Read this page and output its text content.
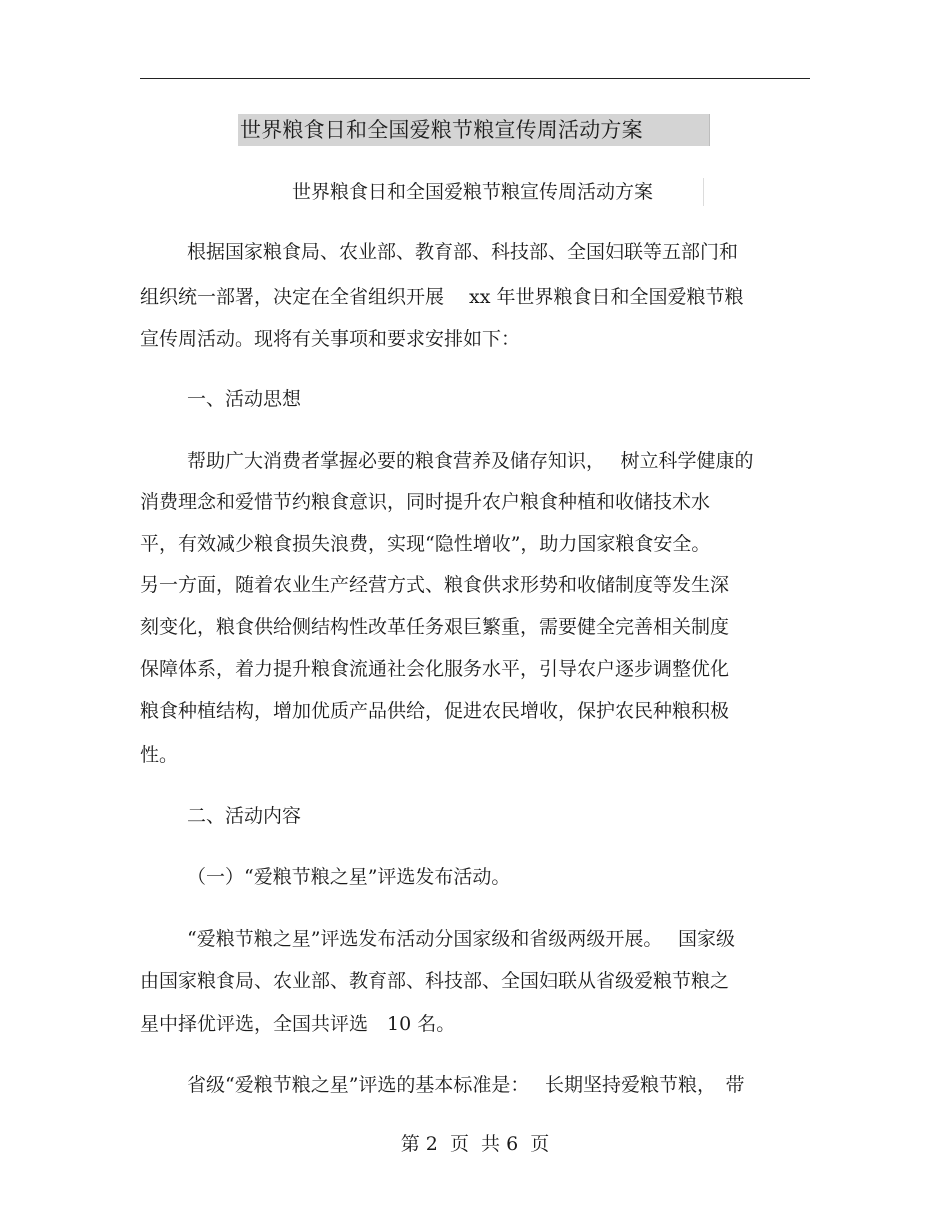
世界粮食日和全国爱粮节粮宣传周活动方案
世界粮食日和全国爱粮节粮宣传周活动方案
根据国家粮食局、农业部、教育部、科技部、全国妇联等五部门和
组织统一部署，决定在全省组织开展　 xx 年世界粮食日和全国爱粮节粮
宣传周活动。现将有关事项和要求安排如下：
一、活动思想
帮助广大消费者掌握必要的粮食营养及储存知识，　 树立科学健康的
消费理念和爱惜节约粮食意识，同时提升农户粮食种植和收储技术水
平，有效减少粮食损失浪费，实现“隐性增收”，助力国家粮食安全。
另一方面，随着农业生产经营方式、粮食供求形势和收储制度等发生深
刻变化，粮食供给侧结构性改革任务艰巨繁重，需要健全完善相关制度
保障体系，着力提升粮食流通社会化服务水平，引导农户逐步调整优化
粮食种植结构，增加优质产品供给，促进农民增收，保护农民种粮积极
性。
二、活动内容
（一）“爱粮节粮之星”评选发布活动。
“爱粮节粮之星”评选发布活动分国家级和省级两级开展。　 国家级
由国家粮食局、农业部、教育部、科技部、全国妇联从省级爱粮节粮之
星中择优评选，全国共评选　10 名。
省级“爱粮节粮之星”评选的基本标准是：　 长期坚持爱粮节粮，　带
第 2  页  共 6  页
